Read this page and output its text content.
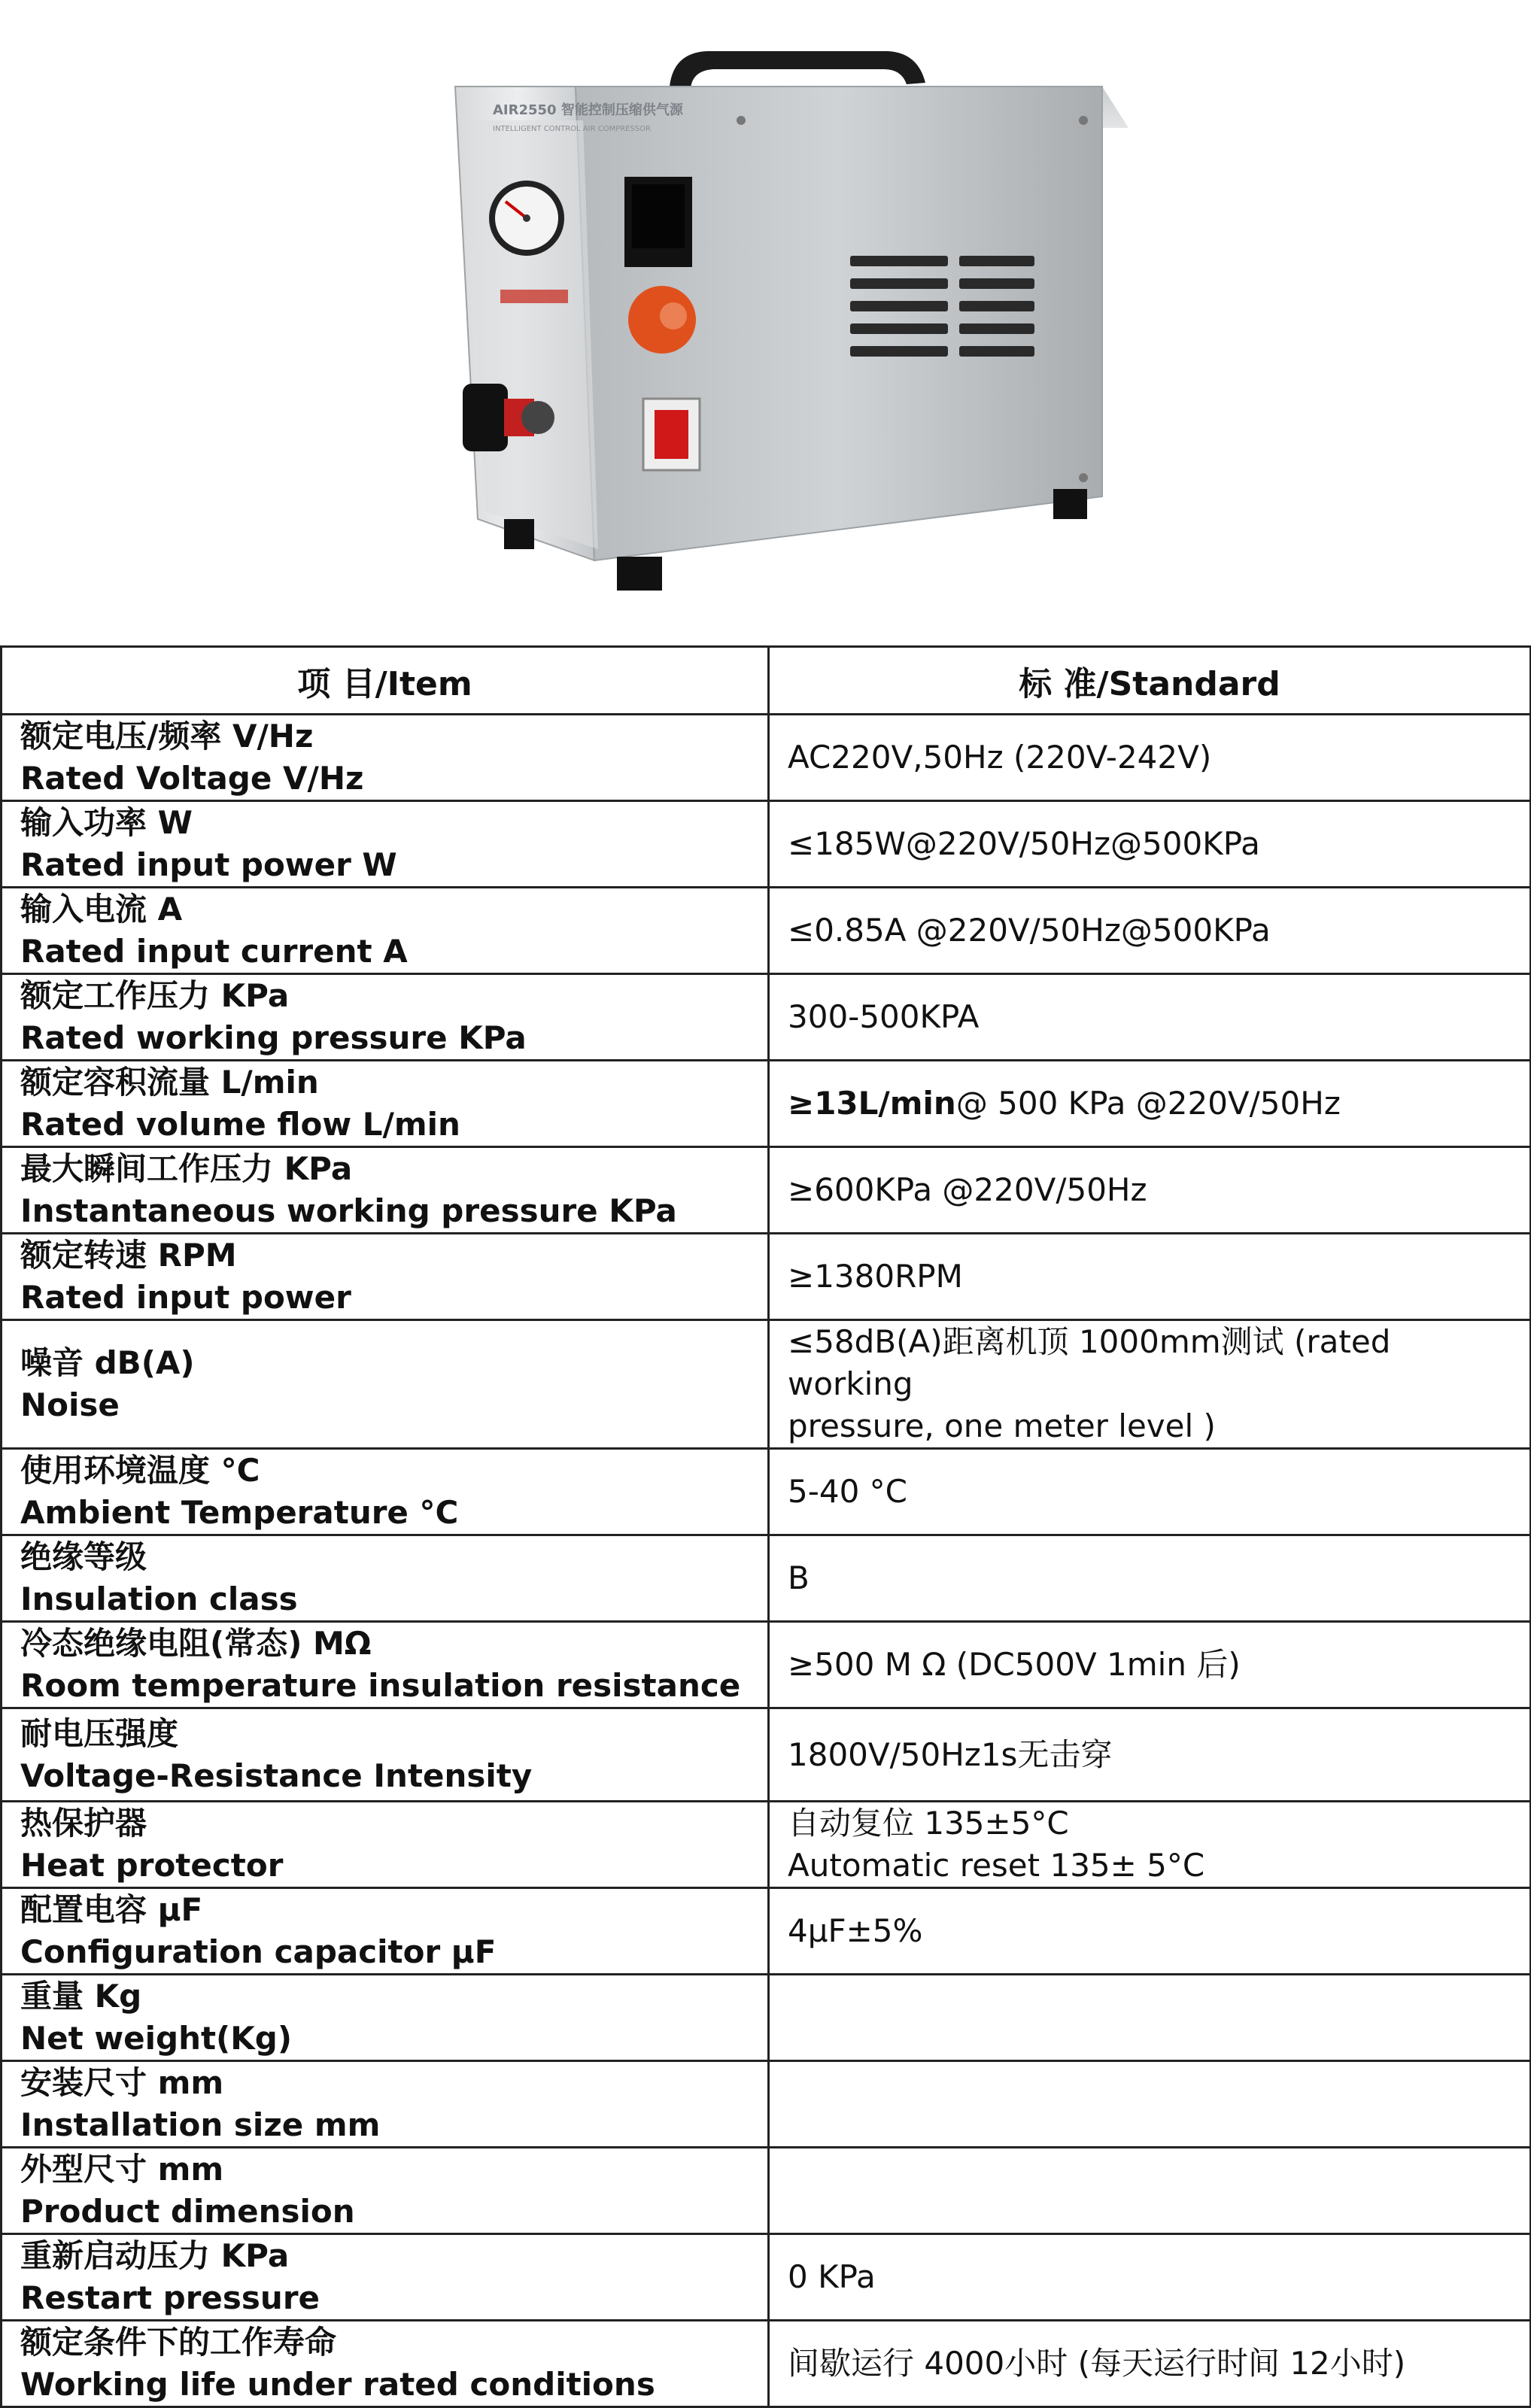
AIR2550 智能控制压缩供气源
INTELLIGENT CONTROL AIR COMPRESSOR
项 目/Item	标 准/Standard

额定电压/频率 V/Hz
Rated Voltage V/Hz	AC220V,50Hz (220V-242V)

输入功率 W
Rated input power W	≤185W@220V/50Hz@500KPa

输入电流 A
Rated input current A	≤0.85A @220V/50Hz@500KPa

额定工作压力 KPa
Rated working pressure KPa	300-500KPA

额定容积流量 L/min
Rated volume flow L/min	≥13L/min@ 500 KPa @220V/50Hz

最大瞬间工作压力 KPa
Instantaneous working pressure KPa	≥600KPa @220V/50Hz

额定转速 RPM
Rated input power	≥1380RPM

噪音 dB(A)
Noise	≤58dB(A)距离机顶 1000mm测试 (rated working
pressure, one meter level )

使用环境温度 °C
Ambient Temperature °C	5-40 °C

绝缘等级
Insulation class	B

冷态绝缘电阻(常态) MΩ
Room temperature insulation resistance	≥500 M Ω (DC500V 1min 后)

耐电压强度
Voltage-Resistance Intensity	1800V/50Hz1s无击穿

热保护器
Heat protector	自动复位 135±5°C
Automatic reset 135± 5°C

配置电容 μF
Configuration capacitor μF	4μF±5%

重量 Kg
Net weight(Kg)	

安装尺寸 mm
Installation size mm	

外型尺寸 mm
Product dimension	

重新启动压力 KPa
Restart pressure	0 KPa

额定条件下的工作寿命
Working life under rated conditions	间歇运行 4000小时 (每天运行时间 12小时)
